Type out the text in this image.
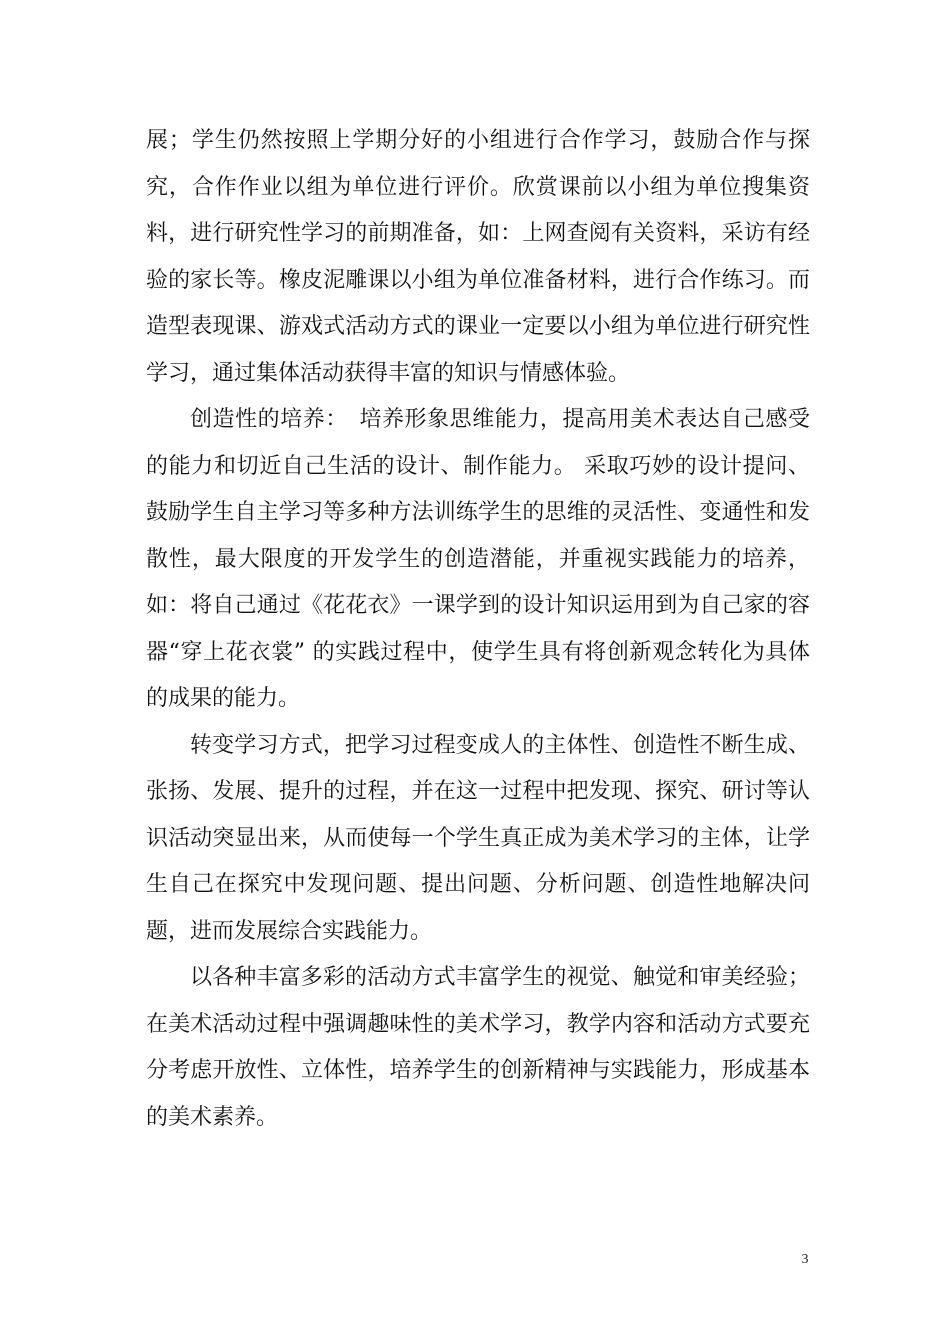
展；学生仍然按照上学期分好的小组进行合作学习，鼓励合作与探究，合作作业以组为单位进行评价。欣赏课前以小组为单位搜集资料，进行研究性学习的前期准备，如：上网查阅有关资料，采访有经验的家长等。橡皮泥雕课以小组为单位准备材料，进行合作练习。而造型表现课、游戏式活动方式的课业一定要以小组为单位进行研究性学习，通过集体活动获得丰富的知识与情感体验。

创造性的培养：　培养形象思维能力，提高用美术表达自己感受的能力和切近自己生活的设计、制作能力。 采取巧妙的设计提问、鼓励学生自主学习等多种方法训练学生的思维的灵活性、变通性和发散性，最大限度的开发学生的创造潜能，并重视实践能力的培养，如：将自己通过《花花衣》一课学到的设计知识运用到为自己家的容器“穿上花衣裳” 的实践过程中，使学生具有将创新观念转化为具体的成果的能力。

转变学习方式，把学习过程变成人的主体性、创造性不断生成、张扬、发展、提升的过程，并在这一过程中把发现、探究、研讨等认识活动突显出来，从而使每一个学生真正成为美术学习的主体，让学生自己在探究中发现问题、提出问题、分析问题、创造性地解决问题，进而发展综合实践能力。

以各种丰富多彩的活动方式丰富学生的视觉、触觉和审美经验；在美术活动过程中强调趣味性的美术学习，教学内容和活动方式要充分考虑开放性、立体性，培养学生的创新精神与实践能力，形成基本的美术素养。

3
